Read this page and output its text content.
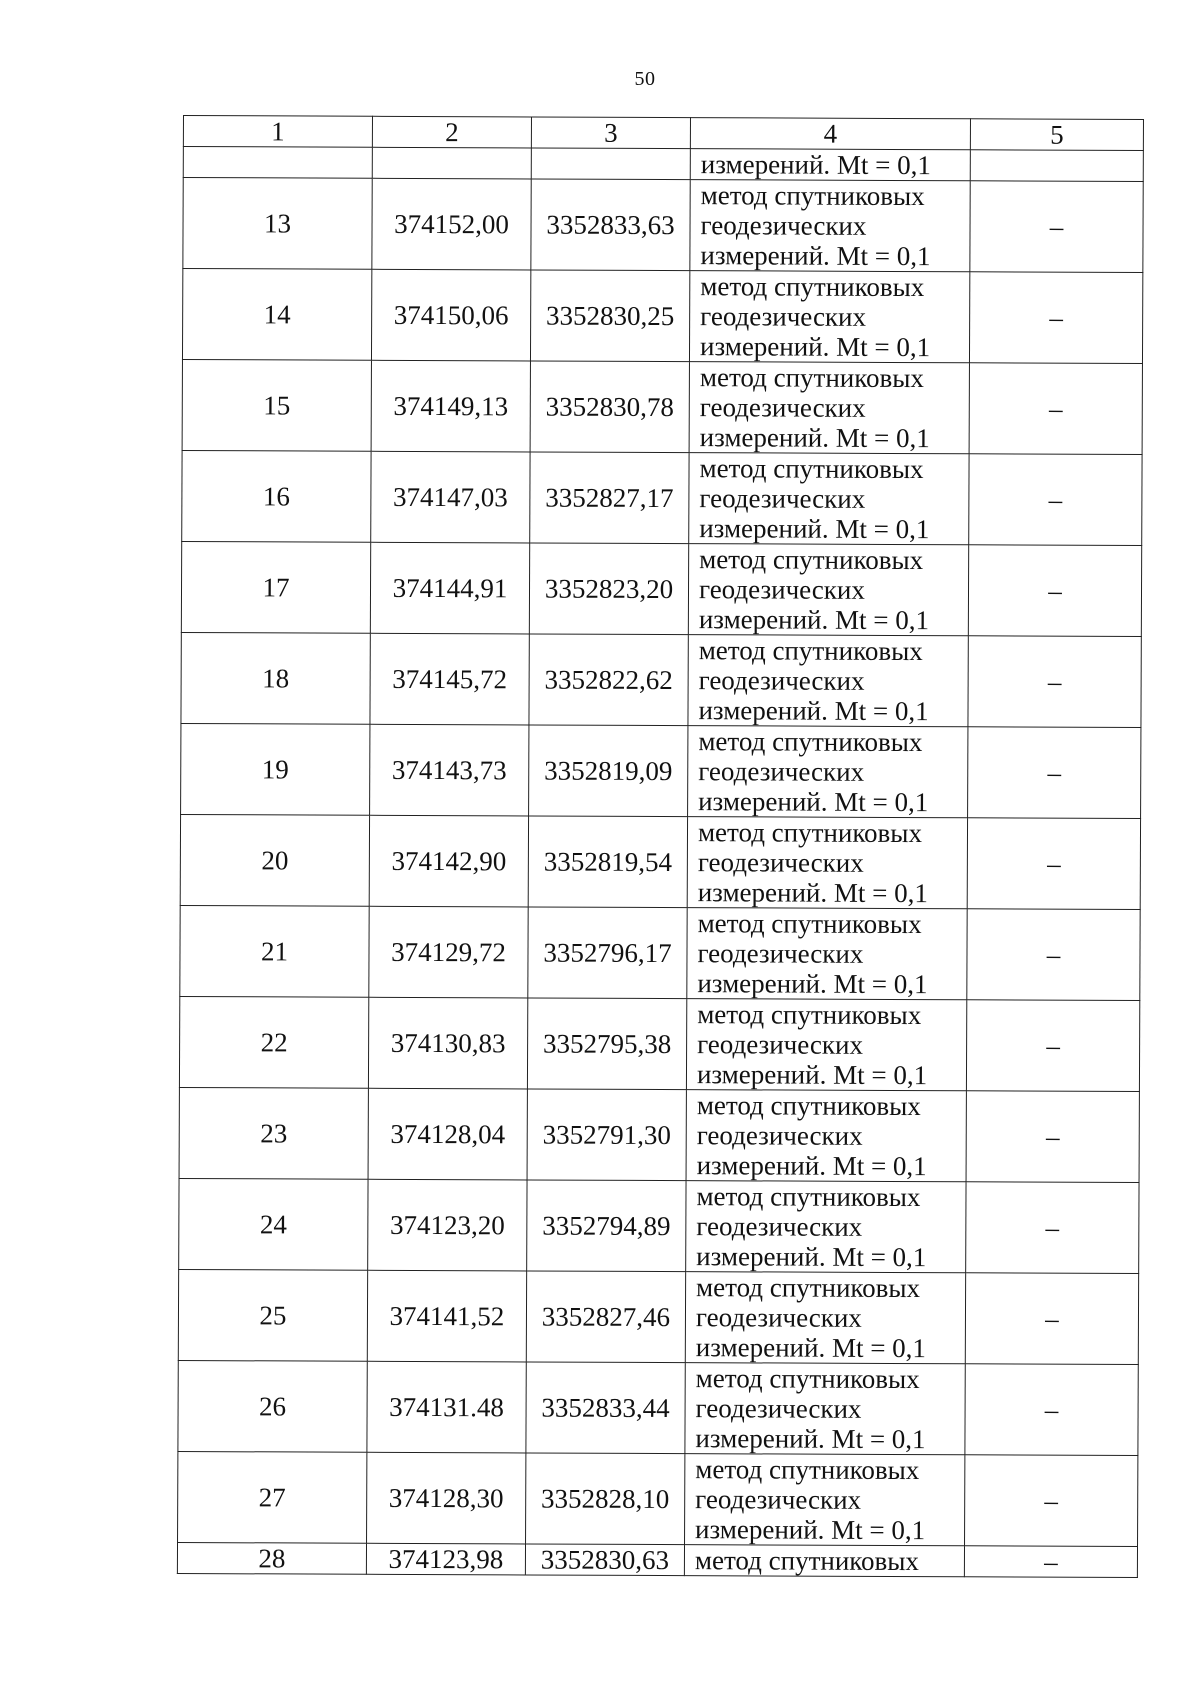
50
1	2	3	4	5
			измерений. Mt = 0,1	
13	374152,00	3352833,63	метод спутниковых
геодезических
измерений. Mt = 0,1	–
14	374150,06	3352830,25	метод спутниковых
геодезических
измерений. Mt = 0,1	–
15	374149,13	3352830,78	метод спутниковых
геодезических
измерений. Mt = 0,1	–
16	374147,03	3352827,17	метод спутниковых
геодезических
измерений. Mt = 0,1	–
17	374144,91	3352823,20	метод спутниковых
геодезических
измерений. Mt = 0,1	–
18	374145,72	3352822,62	метод спутниковых
геодезических
измерений. Mt = 0,1	–
19	374143,73	3352819,09	метод спутниковых
геодезических
измерений. Mt = 0,1	–
20	374142,90	3352819,54	метод спутниковых
геодезических
измерений. Mt = 0,1	–
21	374129,72	3352796,17	метод спутниковых
геодезических
измерений. Mt = 0,1	–
22	374130,83	3352795,38	метод спутниковых
геодезических
измерений. Mt = 0,1	–
23	374128,04	3352791,30	метод спутниковых
геодезических
измерений. Mt = 0,1	–
24	374123,20	3352794,89	метод спутниковых
геодезических
измерений. Mt = 0,1	–
25	374141,52	3352827,46	метод спутниковых
геодезических
измерений. Mt = 0,1	–
26	374131.48	3352833,44	метод спутниковых
геодезических
измерений. Mt = 0,1	–
27	374128,30	3352828,10	метод спутниковых
геодезических
измерений. Mt = 0,1	–
28	374123,98	3352830,63	метод спутниковых	–
